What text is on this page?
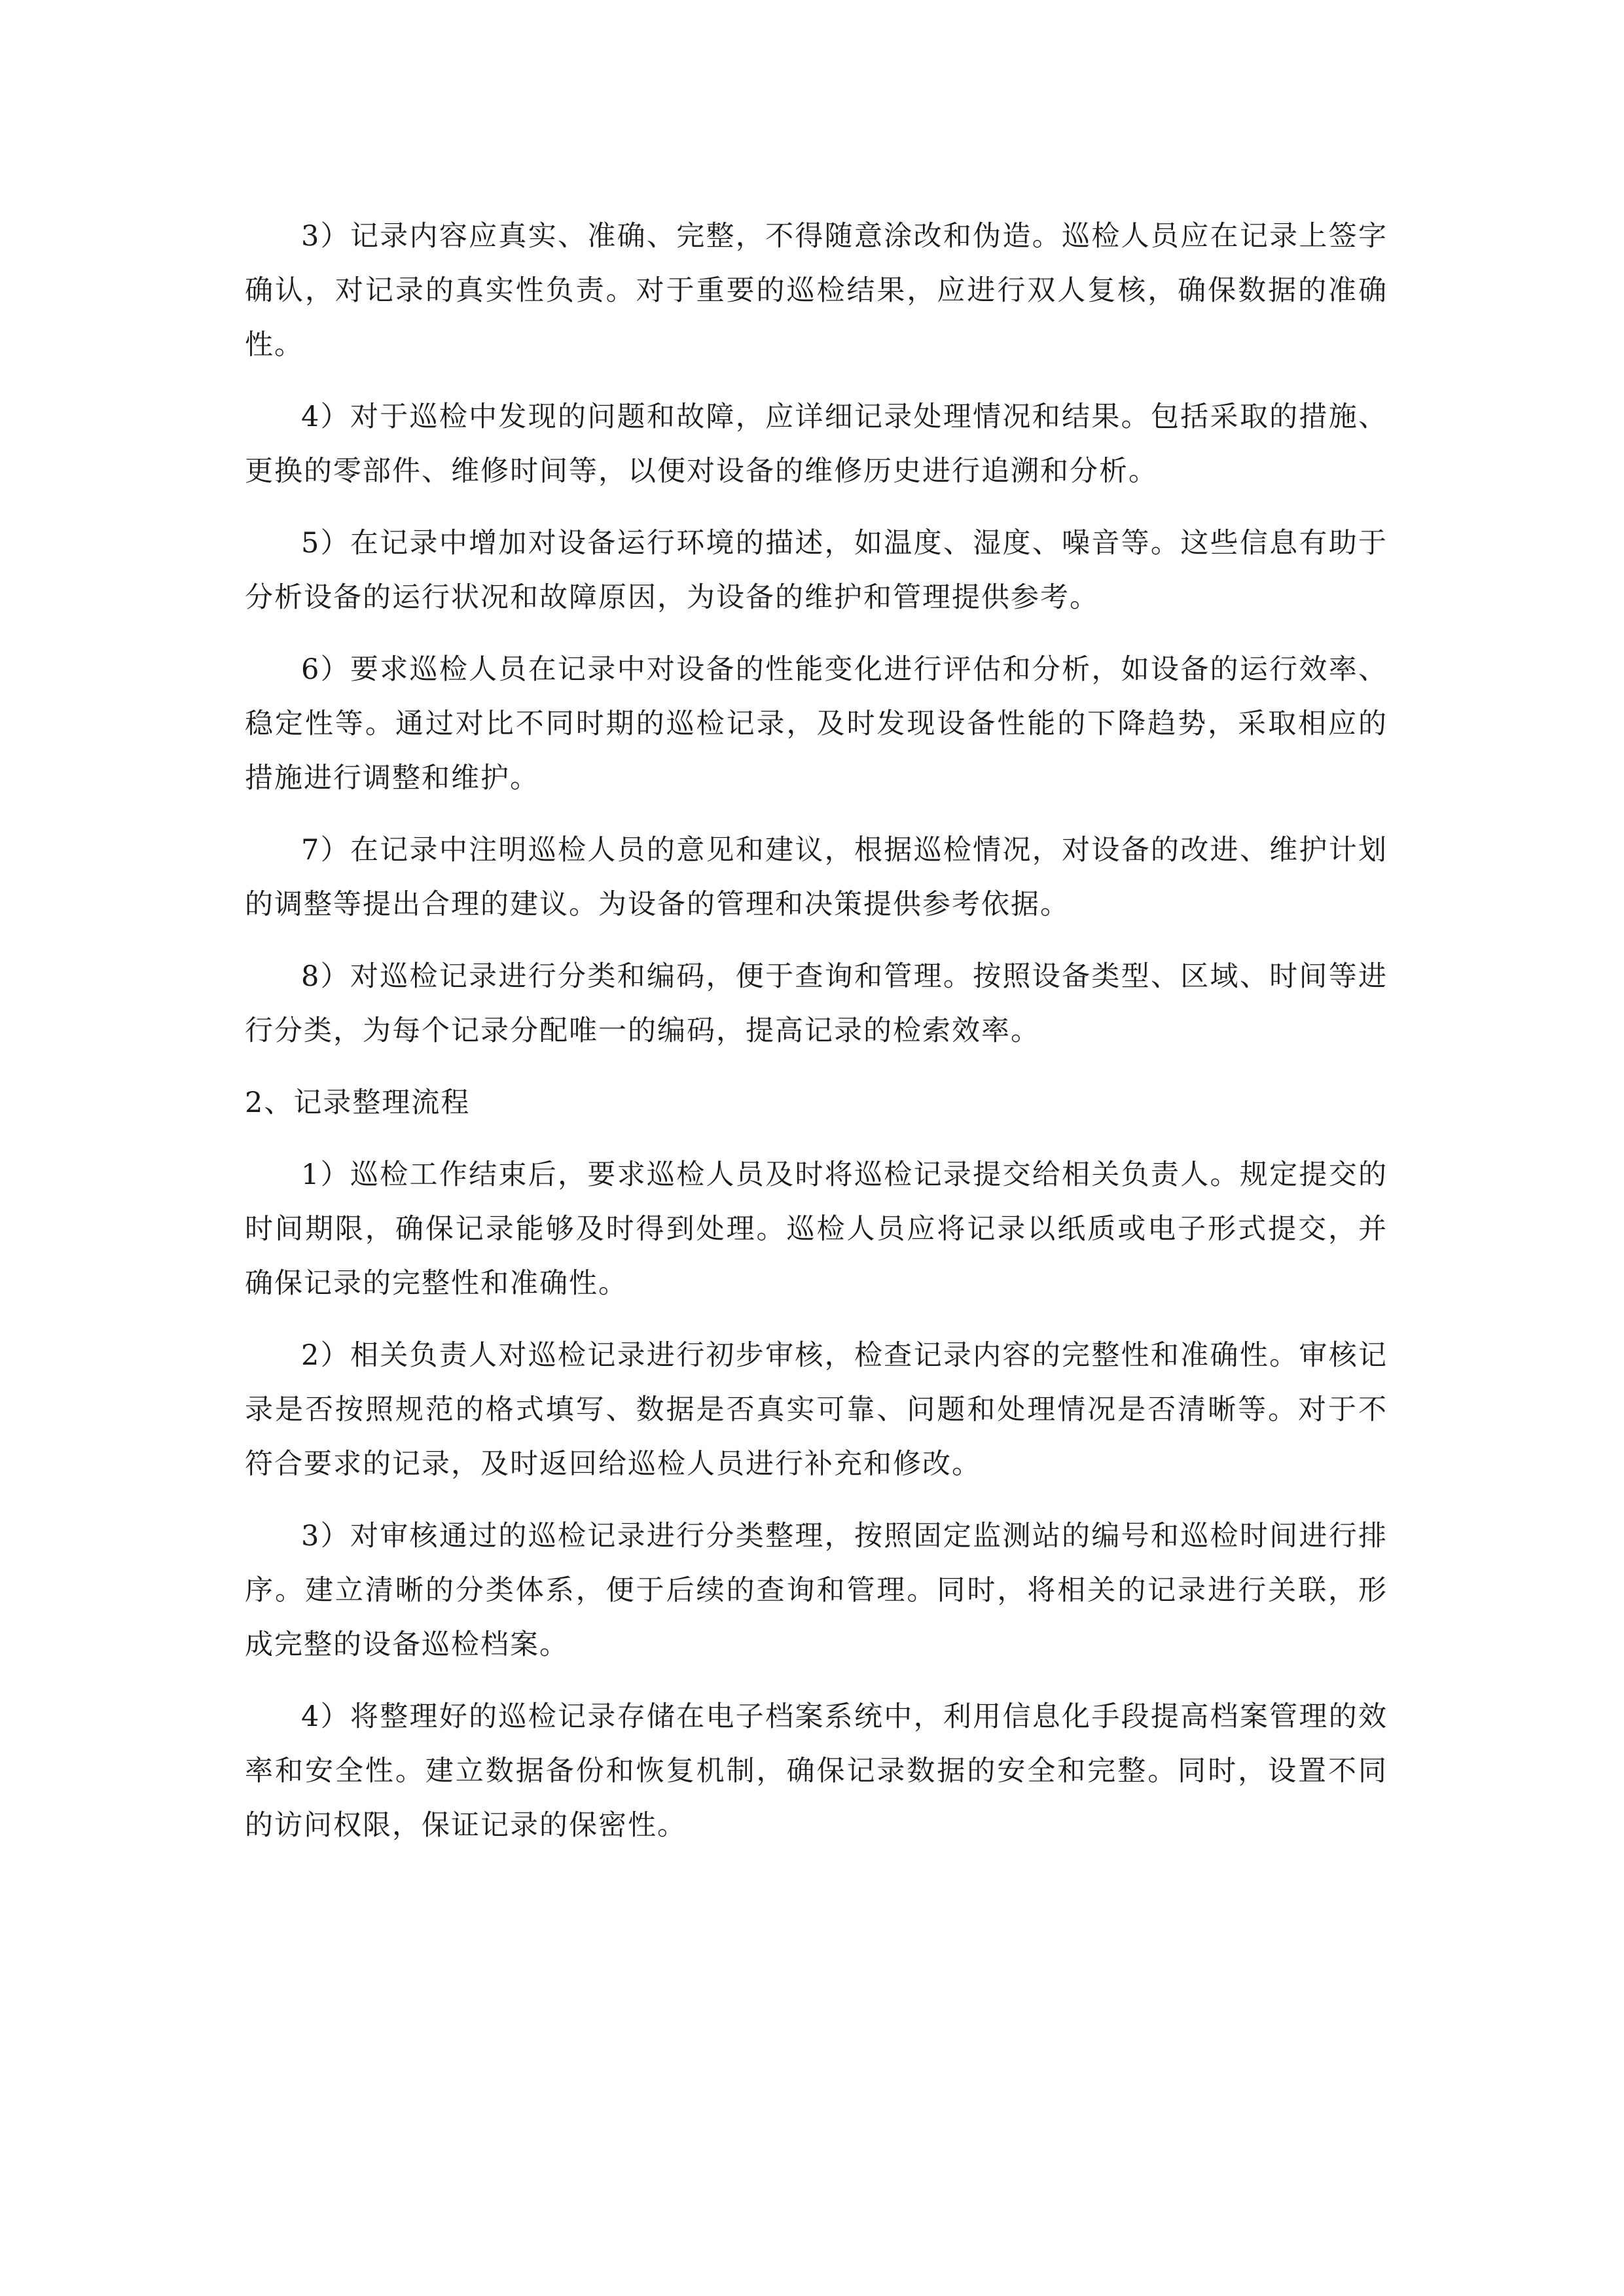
3）记录内容应真实、准确、完整，不得随意涂改和伪造。巡检人员应在记录上签字确认，对记录的真实性负责。对于重要的巡检结果，应进行双人复核，确保数据的准确性。

4）对于巡检中发现的问题和故障，应详细记录处理情况和结果。包括采取的措施、更换的零部件、维修时间等，以便对设备的维修历史进行追溯和分析。

5）在记录中增加对设备运行环境的描述，如温度、湿度、噪音等。这些信息有助于分析设备的运行状况和故障原因，为设备的维护和管理提供参考。

6）要求巡检人员在记录中对设备的性能变化进行评估和分析，如设备的运行效率、稳定性等。通过对比不同时期的巡检记录，及时发现设备性能的下降趋势，采取相应的措施进行调整和维护。

7）在记录中注明巡检人员的意见和建议，根据巡检情况，对设备的改进、维护计划的调整等提出合理的建议。为设备的管理和决策提供参考依据。

8）对巡检记录进行分类和编码，便于查询和管理。按照设备类型、区域、时间等进行分类，为每个记录分配唯一的编码，提高记录的检索效率。

2、记录整理流程

1）巡检工作结束后，要求巡检人员及时将巡检记录提交给相关负责人。规定提交的时间期限，确保记录能够及时得到处理。巡检人员应将记录以纸质或电子形式提交，并确保记录的完整性和准确性。

2）相关负责人对巡检记录进行初步审核，检查记录内容的完整性和准确性。审核记录是否按照规范的格式填写、数据是否真实可靠、问题和处理情况是否清晰等。对于不符合要求的记录，及时返回给巡检人员进行补充和修改。

3）对审核通过的巡检记录进行分类整理，按照固定监测站的编号和巡检时间进行排序。建立清晰的分类体系，便于后续的查询和管理。同时，将相关的记录进行关联，形成完整的设备巡检档案。

4）将整理好的巡检记录存储在电子档案系统中，利用信息化手段提高档案管理的效率和安全性。建立数据备份和恢复机制，确保记录数据的安全和完整。同时，设置不同的访问权限，保证记录的保密性。
